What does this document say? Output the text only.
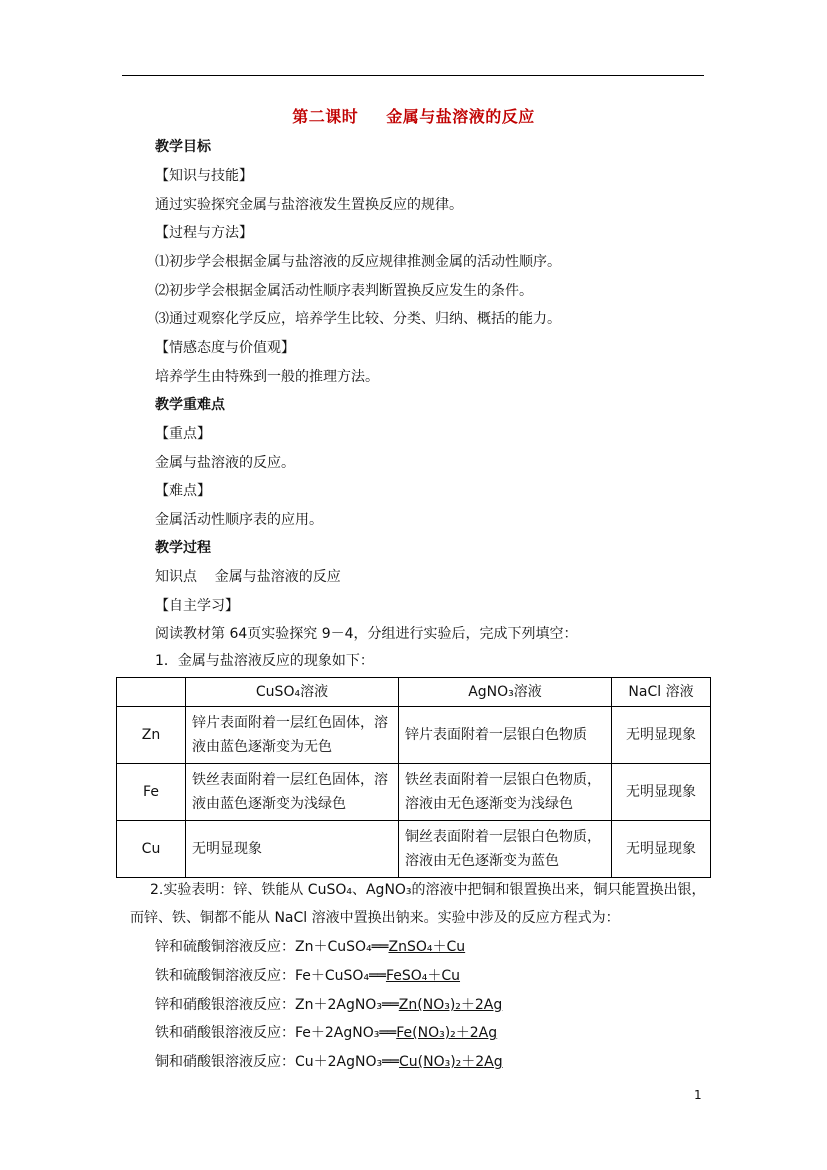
第二课时 金属与盐溶液的反应
教学目标
【知识与技能】
通过实验探究金属与盐溶液发生置换反应的规律。
【过程与方法】
⑴初步学会根据金属与盐溶液的反应规律推测金属的活动性顺序。
⑵初步学会根据金属活动性顺序表判断置换反应发生的条件。
⑶通过观察化学反应，培养学生比较、分类、归纳、概括的能力。
【情感态度与价值观】
培养学生由特殊到一般的推理方法。
教学重难点
【重点】
金属与盐溶液的反应。
【难点】
金属活动性顺序表的应用。
教学过程
知识点    金属与盐溶液的反应
【自主学习】
阅读教材第 64页实验探究 9－4，分组进行实验后，完成下列填空：
1．金属与盐溶液反应的现象如下：
	CuSO₄溶液	AgNO₃溶液	NaCl 溶液
Zn	锌片表面附着一层红色固体，溶液由蓝色逐渐变为无色	锌片表面附着一层银白色物质	无明显现象
Fe	铁丝表面附着一层红色固体，溶液由蓝色逐渐变为浅绿色	铁丝表面附着一层银白色物质，溶液由无色逐渐变为浅绿色	无明显现象
Cu	无明显现象	铜丝表面附着一层银白色物质，溶液由无色逐渐变为蓝色	无明显现象
2.实验表明：锌、铁能从 CuSO₄、AgNO₃的溶液中把铜和银置换出来，铜只能置换出银，
而锌、铁、铜都不能从 NaCl 溶液中置换出钠来。实验中涉及的反应方程式为：
锌和硫酸铜溶液反应：Zn＋CuSO₄══ZnSO₄＋Cu
铁和硫酸铜溶液反应：Fe＋CuSO₄══FeSO₄＋Cu
锌和硝酸银溶液反应：Zn＋2AgNO₃══Zn(NO₃)₂＋2Ag
铁和硝酸银溶液反应：Fe＋2AgNO₃══Fe(NO₃)₂＋2Ag
铜和硝酸银溶液反应：Cu＋2AgNO₃══Cu(NO₃)₂＋2Ag
1
